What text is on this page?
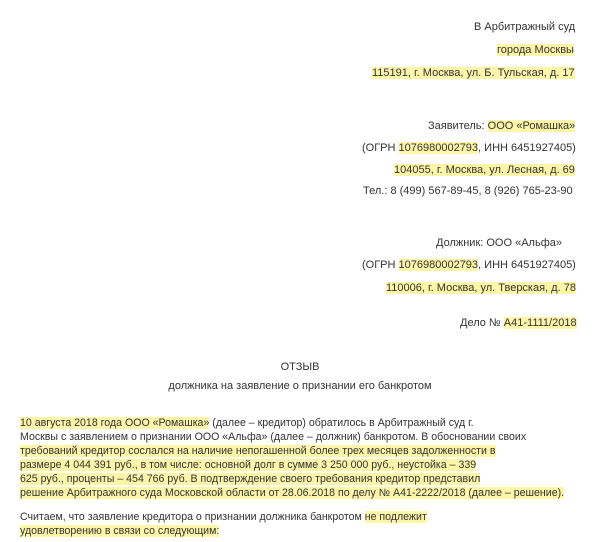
В Арбитражный суд
города Москвы
115191, г. Москва, ул. Б. Тульская, д. 17
Заявитель: ООО «Ромашка»
(ОГРН 1076980002793, ИНН 6451927405)
104055, г. Москва, ул. Лесная, д. 69
Тел.: 8 (499) 567-89-45, 8 (926) 765-23-90
Должник: ООО «Альфа»
(ОГРН 1076980002793, ИНН 6451927405)
110006, г. Москва, ул. Тверская, д. 78
Дело № А41-1111/2018
ОТЗЫВ
должника на заявление о признании его банкротом
10 августа 2018 года ООО «Ромашка» (далее – кредитор) обратилось в Арбитражный суд г.
Москвы с заявлением о признании ООО «Альфа» (далее – должник) банкротом. В обосновании своих
требований кредитор сослался на наличие непогашенной более трех месяцев задолженности в
размере 4 044 391 руб., в том числе: основной долг в сумме 3 250 000 руб., неустойка – 339
625 руб., проценты – 454 766 руб. В подтверждение своего требования кредитор представил
решение Арбитражного суда Московской области от 28.06.2018 по делу № А41-2222/2018 (далее – решение).
Считаем, что заявление кредитора о признании должника банкротом не подлежит
удовлетворению в связи со следующим:
